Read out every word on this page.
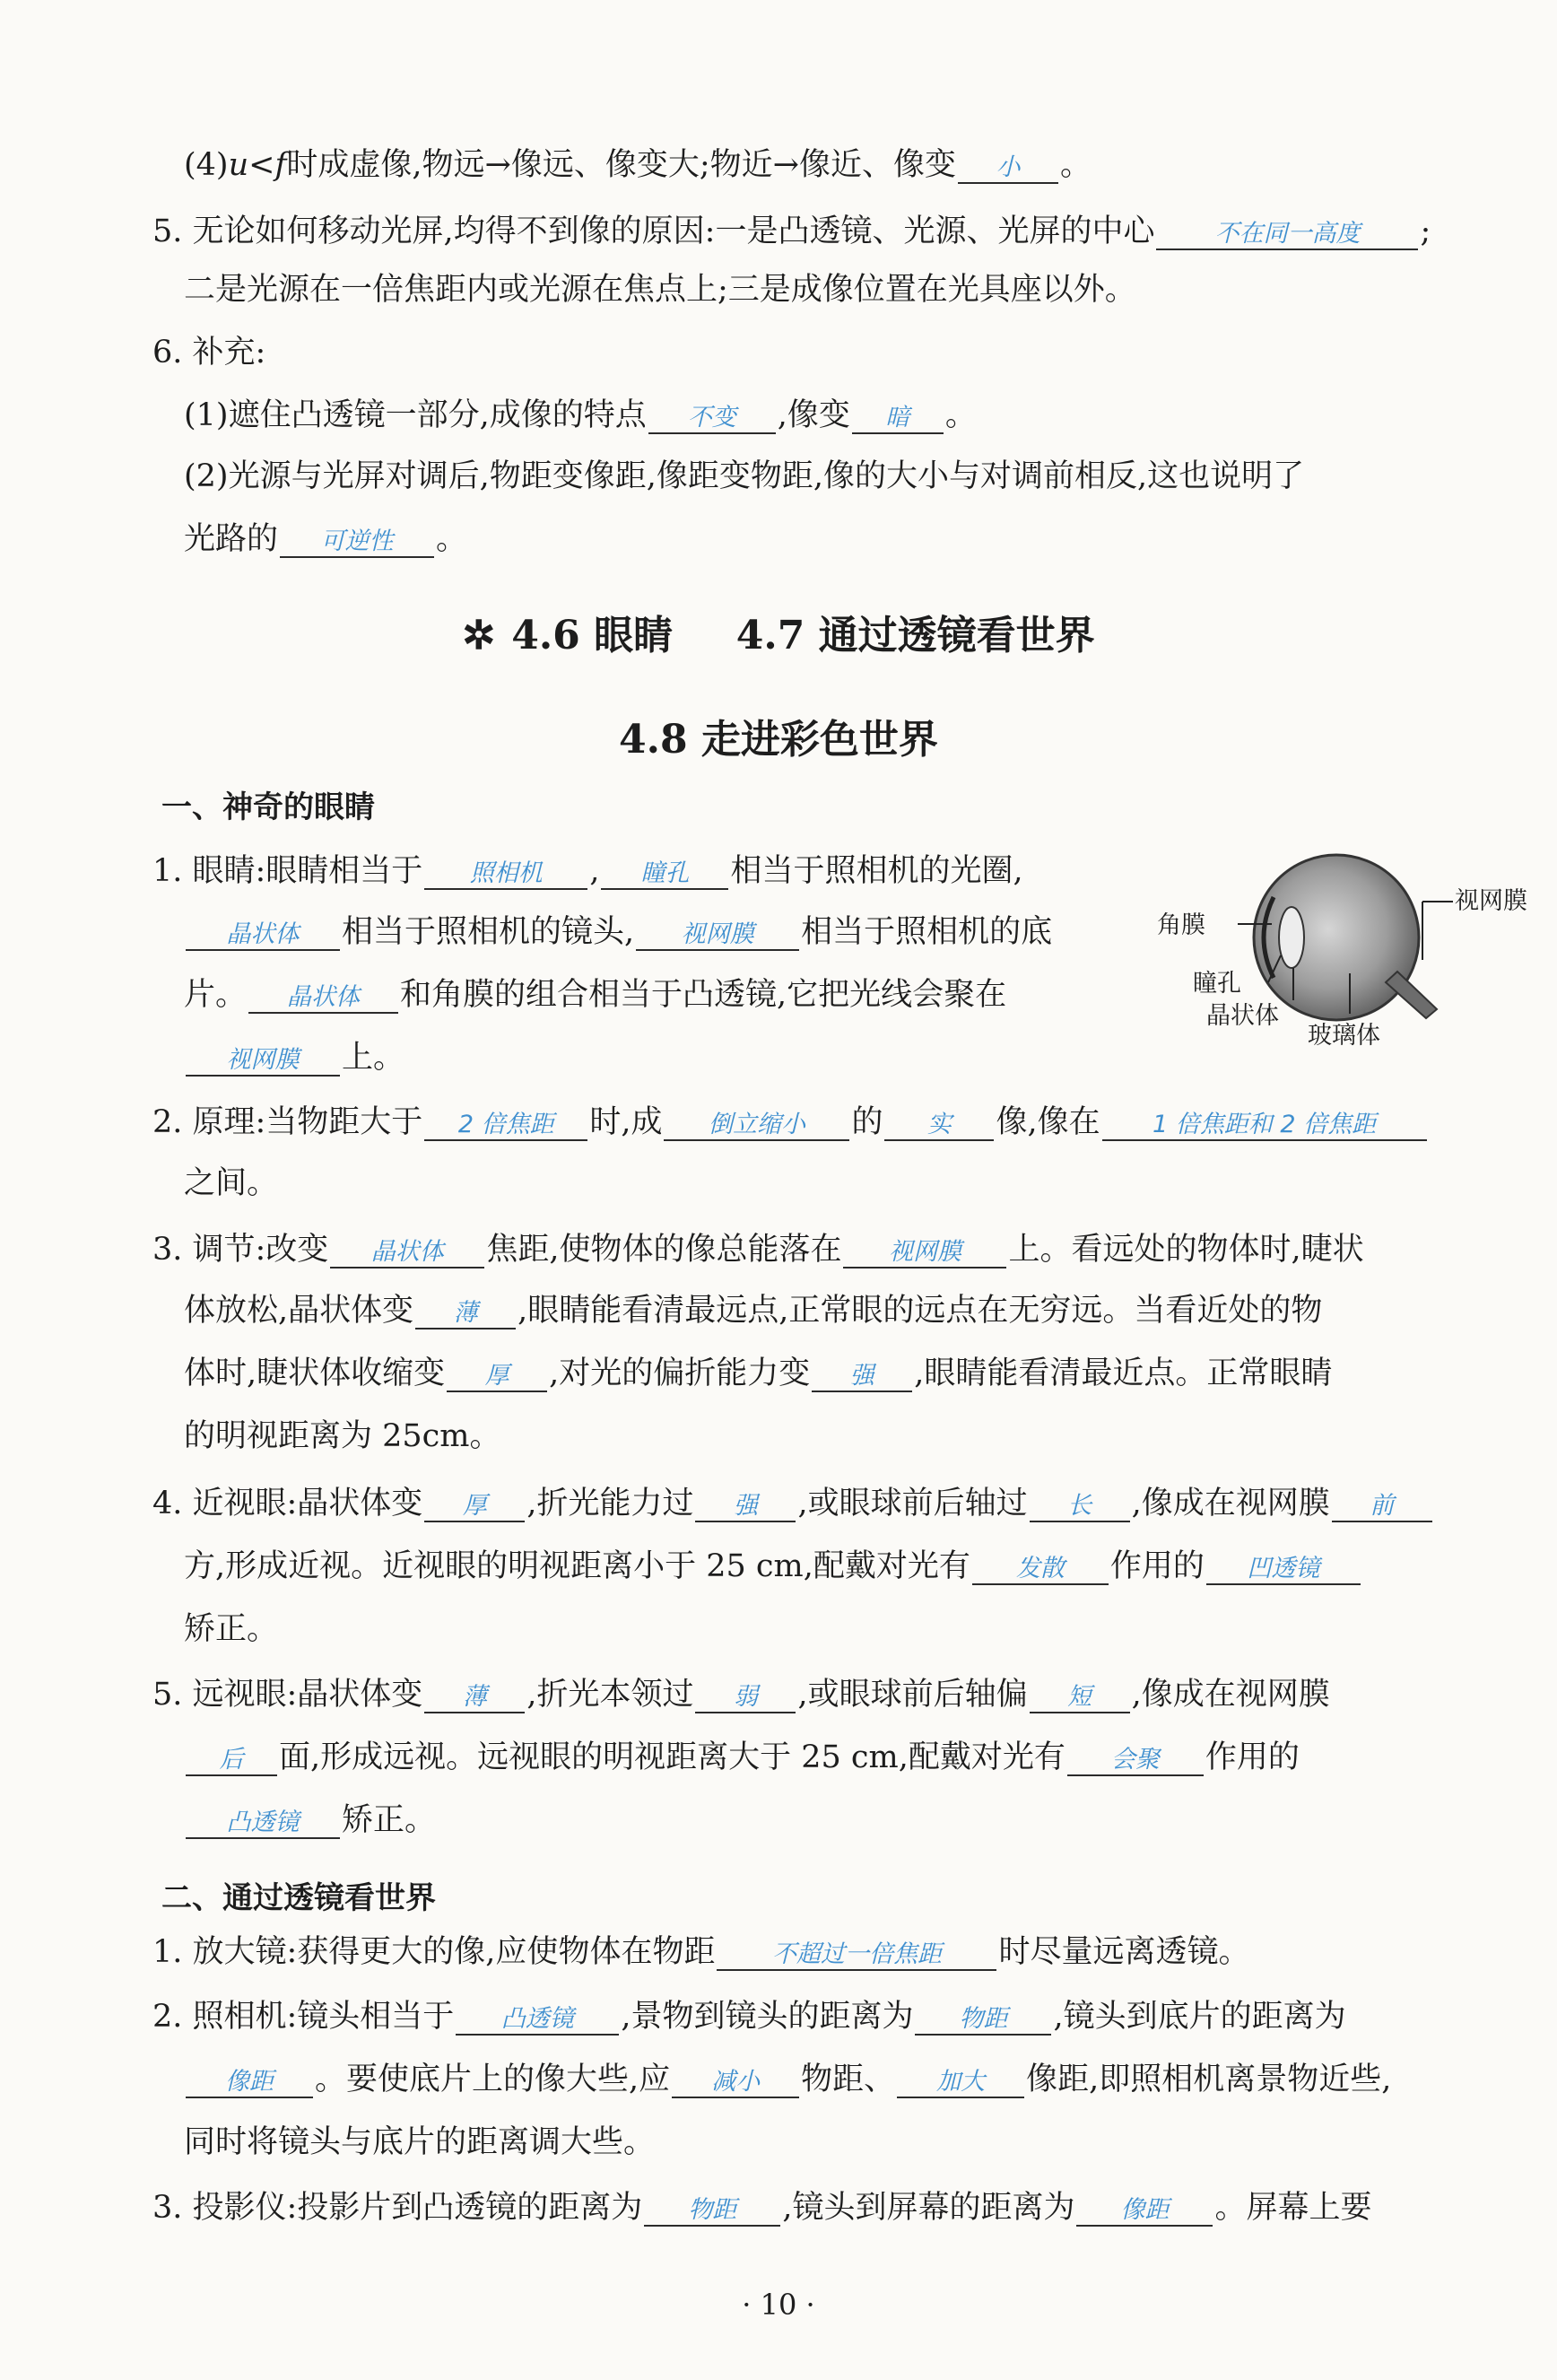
(4)u<f时成虚像,物远→像远、像变大;物近→像近、像变 小 。
5. 无论如何移动光屏,均得不到像的原因:一是凸透镜、光源、光屏的中心 不在同一高度 ;
二是光源在一倍焦距内或光源在焦点上;三是成像位置在光具座以外。
6. 补充:
(1)遮住凸透镜一部分,成像的特点 不变 ,像变 暗 。
(2)光源与光屏对调后,物距变像距,像距变物距,像的大小与对调前相反,这也说明了
光路的 可逆性 。
1. 眼睛:眼睛相当于 照相机 , 瞳孔 相当于照相机的光圈,
晶状体 相当于照相机的镜头, 视网膜 相当于照相机的底
片。 晶状体 和角膜的组合相当于凸透镜,它把光线会聚在
视网膜 上。
2. 原理:当物距大于 2 倍焦距 时,成 倒立缩小 的 实 像,像在 1 倍焦距和 2 倍焦距
之间。
3. 调节:改变 晶状体 焦距,使物体的像总能落在 视网膜 上。看远处的物体时,睫状
体放松,晶状体变 薄 ,眼睛能看清最远点,正常眼的远点在无穷远。当看近处的物
体时,睫状体收缩变 厚 ,对光的偏折能力变 强 ,眼睛能看清最近点。正常眼睛
的明视距离为 25cm。
4. 近视眼:晶状体变 厚 ,折光能力过 强 ,或眼球前后轴过 长 ,像成在视网膜 前
方,形成近视。近视眼的明视距离小于 25 cm,配戴对光有 发散 作用的 凹透镜
矫正。
5. 远视眼:晶状体变 薄 ,折光本领过 弱 ,或眼球前后轴偏 短 ,像成在视网膜
后 面,形成远视。远视眼的明视距离大于 25 cm,配戴对光有 会聚 作用的
凸透镜 矫正。
1. 放大镜:获得更大的像,应使物体在物距 不超过一倍焦距 时尽量远离透镜。
2. 照相机:镜头相当于 凸透镜 ,景物到镜头的距离为 物距 ,镜头到底片的距离为
像距 。要使底片上的像大些,应 减小 物距、 加大 像距,即照相机离景物近些,
同时将镜头与底片的距离调大些。
3. 投影仪:投影片到凸透镜的距离为 物距 ,镜头到屏幕的距离为 像距 。屏幕上要
✲ 4.6 眼睛 4.7 通过透镜看世界
4.8 走进彩色世界
一、神奇的眼睛
二、通过透镜看世界
角膜
视网膜
瞳孔
晶状体
玻璃体
· 10 ·
